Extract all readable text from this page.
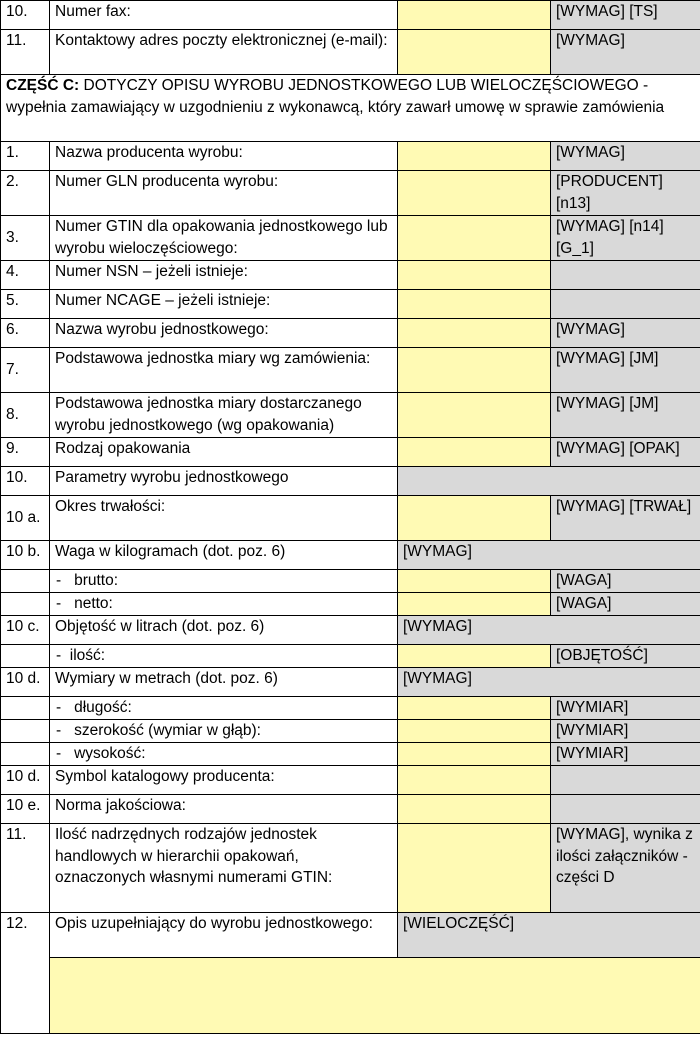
10.	Numer fax:		[WYMAG] [TS]
11.	Kontaktowy adres poczty elektronicznej (e-mail):		[WYMAG]
CZĘŚĆ C: DOTYCZY OPISU WYROBU JEDNOSTKOWEGO LUB WIELOCZĘŚCIOWEGO - wypełnia zamawiający w uzgodnieniu z wykonawcą, który zawarł umowę w sprawie zamówienia			
1.	Nazwa producenta wyrobu:		[WYMAG]
2.	Numer GLN producenta wyrobu:		[PRODUCENT] [n13]
3.	Numer GTIN dla opakowania jednostkowego lub wyrobu wieloczęściowego:		[WYMAG] [n14] [G_1]
4.	Numer NSN – jeżeli istnieje:		
5.	Numer NCAGE – jeżeli istnieje:		
6.	Nazwa wyrobu jednostkowego:		[WYMAG]
7.	Podstawowa jednostka miary wg zamówienia:		[WYMAG] [JM]
8.	Podstawowa jednostka miary dostarczanego wyrobu jednostkowego (wg opakowania)		[WYMAG] [JM]
9.	Rodzaj opakowania		[WYMAG] [OPAK]
10.	Parametry wyrobu jednostkowego		
10 a.	Okres trwałości:		[WYMAG] [TRWAŁ]
10 b.	Waga w kilogramach (dot. poz. 6)	[WYMAG]	
	-   brutto:		[WAGA]
	-   netto:		[WAGA]
10 c.	Objętość w litrach (dot. poz. 6)	[WYMAG]	
	-  ilość:		[OBJĘTOŚĆ]
10 d.	Wymiary w metrach (dot. poz. 6)	[WYMAG]	
	-   długość:		[WYMIAR]
	-   szerokość (wymiar w głąb):		[WYMIAR]
	-   wysokość:		[WYMIAR]
10 d.	Symbol katalogowy producenta:		
10 e.	Norma jakościowa:		
11.	Ilość nadrzędnych rodzajów jednostek handlowych w hierarchii opakowań, oznaczonych własnymi numerami GTIN:		[WYMAG], wynika z ilości załączników - części D
12.	Opis uzupełniający do wyrobu jednostkowego:	[WIELOCZĘŚĆ]	
